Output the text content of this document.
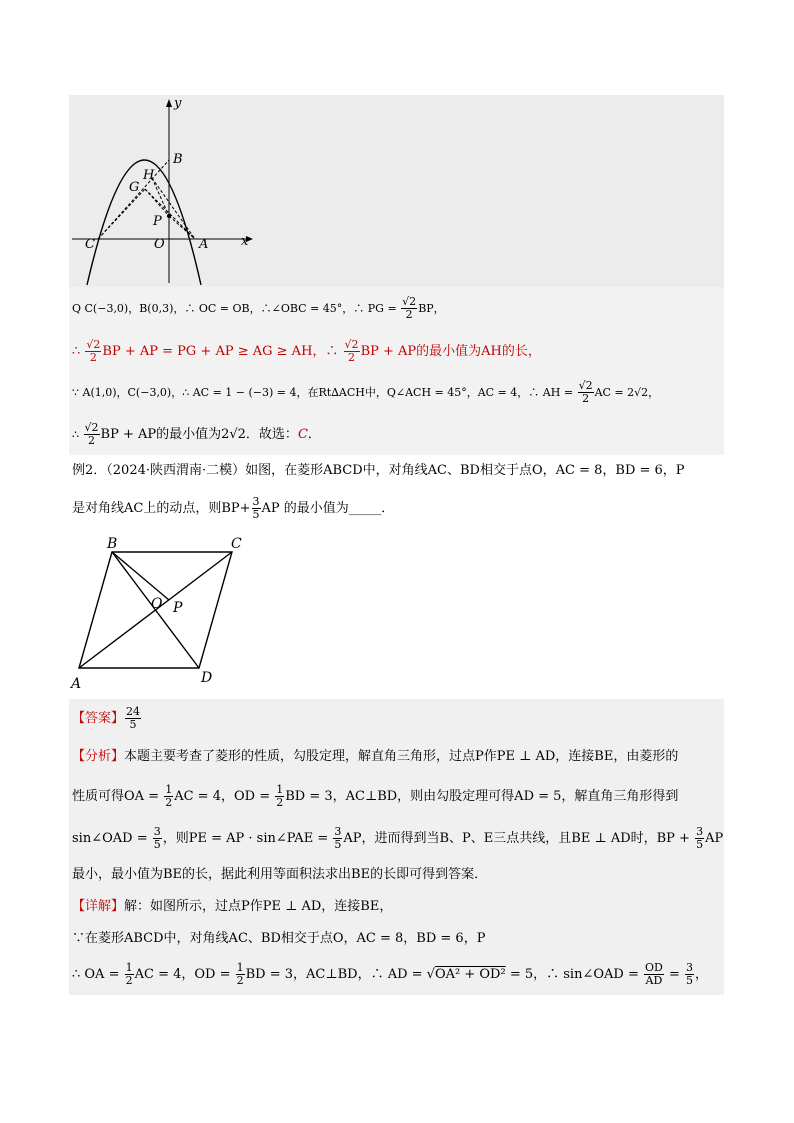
y
x
B
H
G
P
C	O	A
Q C(−3,0)，B(0,3)，∴ OC = OB，∴∠OBC = 45°，∴ PG = $\frac{√2}{2}$ BP，
∴ $\frac{√2}{2}$ BP + AP = PG + AP ≥ AG ≥ AH，∴ $\frac{√2}{2}$ BP + AP的最小值为AH的长，
∵ A(1,0)，C(−3,0)，∴ AC = 1 − (−3) = 4，在Rt∆ACH中，Q∠ACH = 45°，AC = 4，∴ AH = $\frac{√2}{2}$ AC = 2√2，
∴ $\frac{√2}{2}$ BP + AP的最小值为2√2．故选：C．
例2．（2024·陕西渭南·二模）如图，在菱形ABCD中，对角线AC、BD相交于点O，AC = 8，BD = 6，P
是对角线AC上的动点，则$BP+ \frac{3}{5}$ AP 的最小值为_____．
B	C
O P
A	D
【答案】 $\frac{24}{5}$
【分析】本题主要考查了菱形的性质，勾股定理，解直角三角形，过点P作PE ⊥ AD，连接BE，由菱形的
性质可得OA = $\frac{1}{2}$ AC = 4，OD = $\frac{1}{2}$ BD = 3，AC⊥BD，则由勾股定理可得AD = 5，解直角三角形得到
sin∠OAD = $\frac{3}{5}$ ，则PE = AP · sin∠PAE = $\frac{3}{5}$ AP，进而得到当B、P、E三点共线，且BE ⊥ AD时，BP + $\frac{3}{5}$ AP
最小，最小值为BE的长，据此利用等面积法求出BE的长即可得到答案．
【详解】解：如图所示，过点P作PE ⊥ AD，连接BE，
∵在菱形ABCD中，对角线AC、BD相交于点O，AC = 8，BD = 6，P
∴ OA = $\frac{1}{2}$ AC = 4，OD = $\frac{1}{2}$ BD = 3，AC⊥BD，∴ AD = √OA² + OD² = 5，∴ sin∠OAD = $\frac{OD}{AD} = \frac{3}{5}$ ，
